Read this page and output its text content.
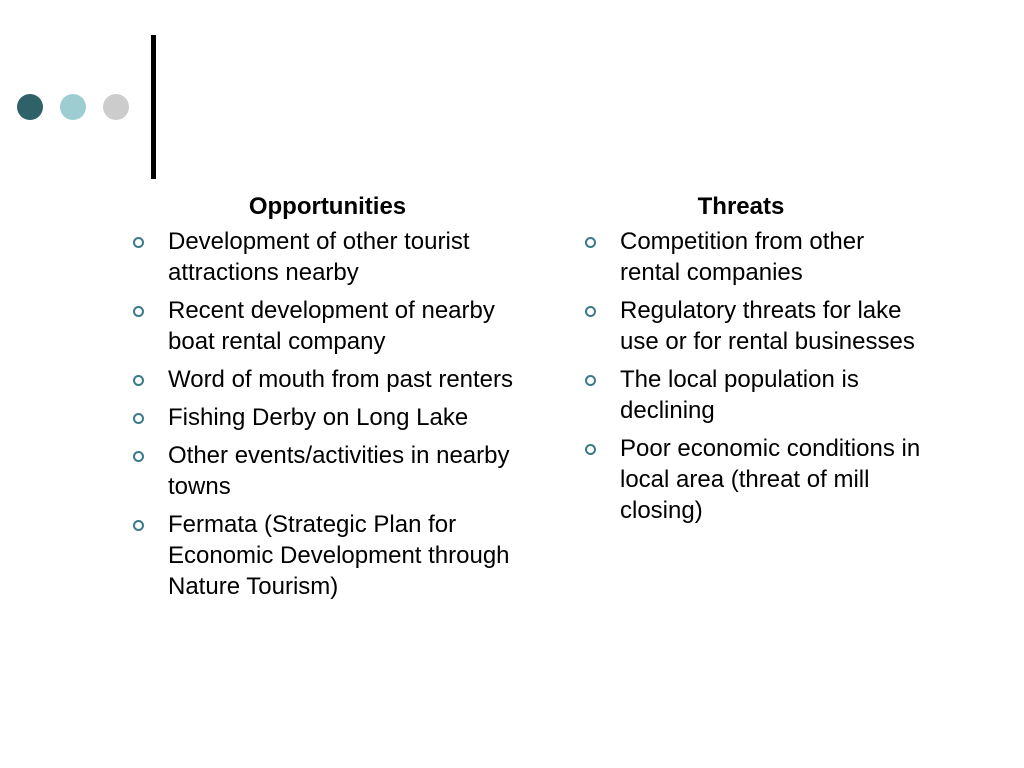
Opportunities
Development of other tourist attractions nearby
Recent development of nearby boat rental company
Word of mouth from past renters
Fishing Derby on Long Lake
Other events/activities in nearby towns
Fermata (Strategic Plan for Economic Development through Nature Tourism)
Threats
Competition from other rental companies
Regulatory threats for lake use or for rental businesses
The local population is declining
Poor economic conditions in local area (threat of mill closing)
